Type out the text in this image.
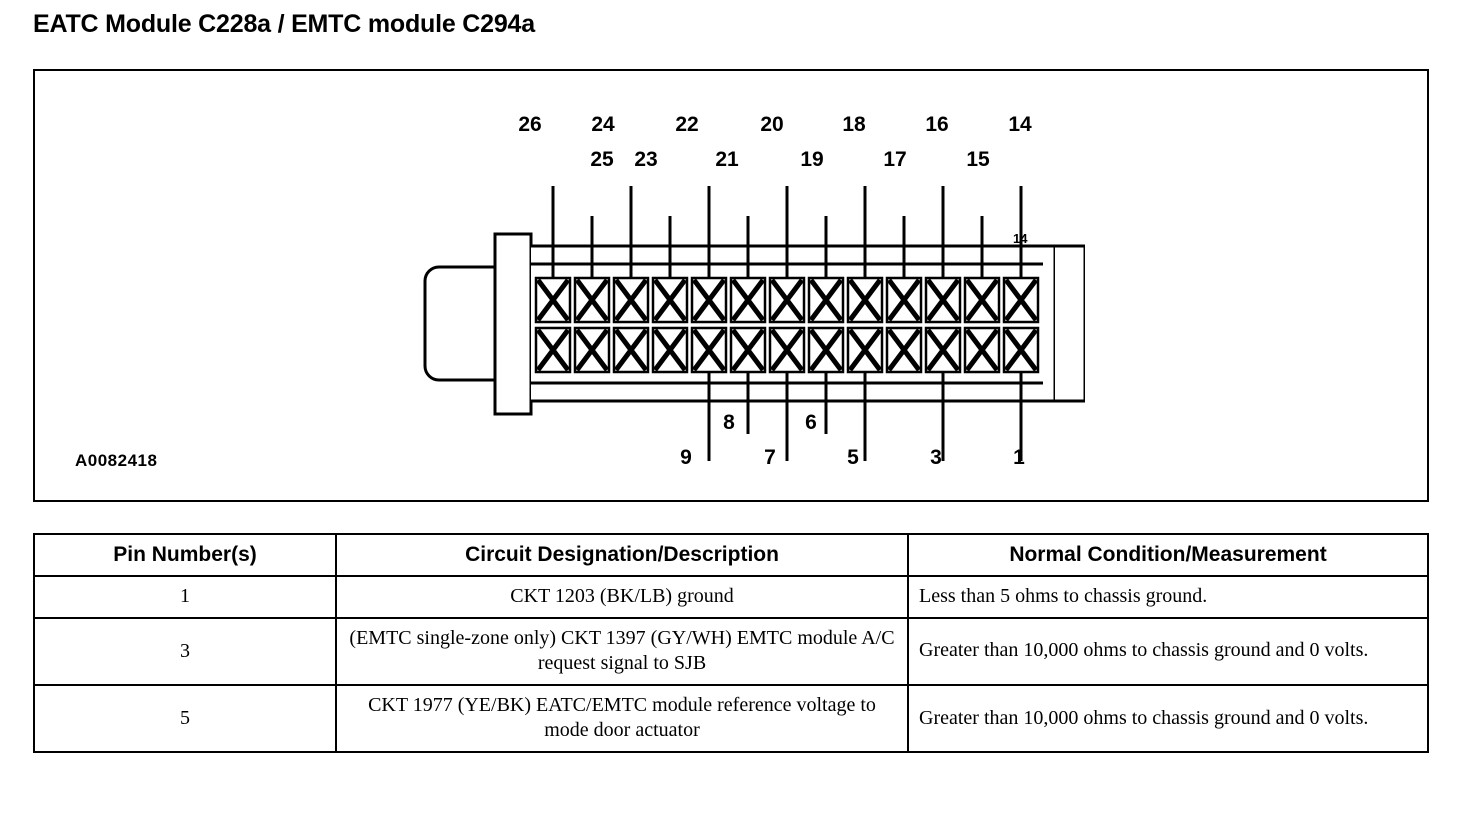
EATC Module C228a / EMTC module C294a
26
25
24
23
22
21
20
19
18
17
16
15
14
9
8
7
6
5	3	1
14
A0082418
Pin Number(s)	Circuit Designation/Description	Normal Condition/Measurement
1	CKT 1203 (BK/LB) ground	Less than 5 ohms to chassis ground.
3	(EMTC single-zone only) CKT 1397 (GY/WH) EMTC module A/C request signal to SJB	Greater than 10,000 ohms to chassis ground and 0 volts.
5	CKT 1977 (YE/BK) EATC/EMTC module reference voltage to mode door actuator	Greater than 10,000 ohms to chassis ground and 0 volts.
